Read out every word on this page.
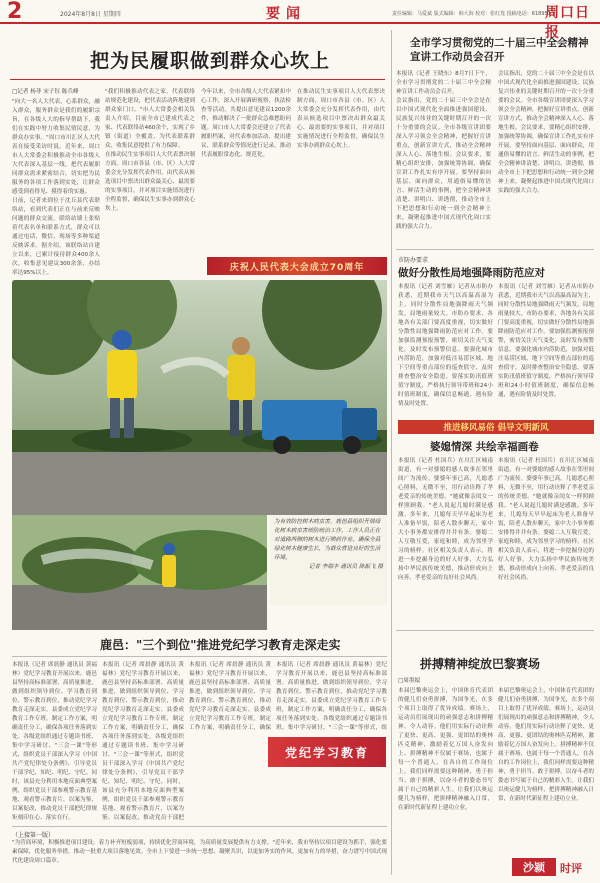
2	2024年8月8日 星期四	要闻	责任编辑：马爱斌 版式编辑：韩大海 校对：张红莲 投稿电话：6189513
周口日报
把为民履职做到群众心坎上
□记者 杨菲 宋子钰 陈兵峰

"向大一名人大代表，心系群众，融入群众，服务群众是我们的履职宗旨，在各级人大的指导帮助下，我们在实践中努力收集民情民意，为群众办实事。"周口市川汇区人大代表在接受采访时说。近年来，周口市人大常委会积极推动全市各级人大代表深入基层一线，把代表履职同群众需求紧密结合，切实把为民服务的各项工作落到实处，让群众感受到看得见、摸得着的实惠。

日前，记者来到位于沈丘县代表联络站，看到代表们正在与前来反映问题的群众交流。联络站墙上张贴着代表名单和联系方式，群众可以通过电话、微信、现场等多种渠道反映诉求。据介绍，该联络站自建立以来，已累计接待群众400余人次，收集意见建议300余条，办结率达95%以上。

"我们积极推动代表之家、代表联络站规范化建设，把代表活动阵地建到群众家门口。"市人大常委会相关负责人介绍，目前全市已建成代表之家、代表联络站460余个，实现了乡镇（街道）全覆盖，为代表联系群众、收集民意提供了有力保障。

在推动民生实事项目人大代表票决制方面，周口市各县（市、区）人大常委会充分发挥代表作用，由代表从候选项目中票决出群众最关心、最需要的实事项目，并对项目实施情况进行全程监督，确保民生实事办到群众心坎上。

今年以来，全市各级人大代表紧扣中心工作，深入开展调研视察、执法检查等活动，共提出意见建议1200余件，推动解决了一批群众急难愁盼问题。周口市人大常委会还建立了代表履职档案，对代表参加活动、提出建议、联系群众等情况进行记录，推动代表履职常态化、规范化。

在推动民生实事项目人大代表票决制方面，周口市各县（市、区）人大常委会充分发挥代表作用，由代表从候选项目中票决出群众最关心、最需要的实事项目，并对项目实施情况进行全程监督，确保民生实事办到群众心坎上。

庆祝人民代表大会成立70周年
全市学习贯彻党的二十届三中全会精神宣讲工作动员会召开

本报讯（记者 王晓东）8月7日下午，全市学习贯彻党的二十届三中全会精神宣讲工作动员会召开。

会议指出，党的二十届三中全会是在以中国式现代化全面推进强国建设、民族复兴伟业的关键时期召开的一次十分重要的会议。全市各级宣讲团要深入学习领会全会精神，把握好宣讲重点，创新宣讲方式，推动全会精神深入人心、落地生根。会议要求，要精心组织安排，加强统筹协调，确保宣讲工作扎实有序开展。要坚持面向基层、面向群众，用通俗易懂的语言、鲜活生动的事例，把全会精神讲清楚、讲明白、讲透彻，推动全市上下把思想和行动统一到全会精神上来，凝聚起推进中国式现代化周口实践的强大合力。

会议指出，党的二十届三中全会是在以中国式现代化全面推进强国建设、民族复兴伟业的关键时期召开的一次十分重要的会议。全市各级宣讲团要深入学习领会全会精神，把握好宣讲重点，创新宣讲方式，推动全会精神深入人心、落地生根。会议要求，要精心组织安排，加强统筹协调，确保宣讲工作扎实有序开展。要坚持面向基层、面向群众，用通俗易懂的语言、鲜活生动的事例，把全会精神讲清楚、讲明白、讲透彻，推动全市上下把思想和行动统一到全会精神上来，凝聚起推进中国式现代化周口实践的强大合力。

市防办要求
做好分散性局地强降雨防范应对

本报讯（记者 刘雪雁）记者从市防办获悉，近期我市天气以高温高湿为主，同时分散性局地强降雨天气频发，局地雨量较大。市防办要求，各地各有关部门要高度重视，切实做好分散性局地强降雨防范应对工作。要加强监测预报预警，密切关注天气变化，及时发布预警信息。要强化城市内涝防范，加强对低洼易涝区域、地下空间等重点部位的巡查值守，及时排查整治安全隐患。要落实防汛值班值守制度，严格执行领导带班和24小时值班制度，确保信息畅通，遇有险情及时处置。

本报讯（记者 刘雪雁）记者从市防办获悉，近期我市天气以高温高湿为主，同时分散性局地强降雨天气频发，局地雨量较大。市防办要求，各地各有关部门要高度重视，切实做好分散性局地强降雨防范应对工作。要加强监测预报预警，密切关注天气变化，及时发布预警信息。要强化城市内涝防范，加强对低洼易涝区域、地下空间等重点部位的巡查值守，及时排查整治安全隐患。要落实防汛值班值守制度，严格执行领导带班和24小时值班制度，确保信息畅通，遇有险情及时处置。

推进移风易俗 倡导文明新风
婆媳情深 共绘幸福画卷

本报讯（记者 杜国兵）在川汇区城南街道，有一对婆媳的感人故事在邻里间广为流传。婆婆年事已高，儿媳悉心照料，无微不至，用行动诠释了孝老爱亲的传统美德。"她就像亲闺女一样照顾我。"老人说起儿媳时满是感激。多年来，儿媳每天早早起床为老人准备早饭，陪老人散步聊天，家中大小事务都安排得井井有条。婆媳二人互敬互爱，家庭和睦，成为邻里学习的榜样。社区相关负责人表示，将进一步挖掘身边的好人好事，大力弘扬中华民族传统美德，推动形成向上向善、孝老爱亲的良好社会风尚。

本报讯（记者 杜国兵）在川汇区城南街道，有一对婆媳的感人故事在邻里间广为流传。婆婆年事已高，儿媳悉心照料，无微不至，用行动诠释了孝老爱亲的传统美德。"她就像亲闺女一样照顾我。"老人说起儿媳时满是感激。多年来，儿媳每天早早起床为老人准备早饭，陪老人散步聊天，家中大小事务都安排得井井有条。婆媳二人互敬互爱，家庭和睦，成为邻里学习的榜样。社区相关负责人表示，将进一步挖掘身边的好人好事，大力弘扬中华民族传统美德，推动形成向上向善、孝老爱亲的良好社会风尚。

拼搏精神绽放巴黎赛场
□周墨姒

本届巴黎奥运会上，中国体育代表团的健儿们奋勇拼搏，为国争光，在多个项目上取得了优异成绩。赛场上，运动员们展现出的顽强意志和拼搏精神，令人动容。他们用实际行动诠释了更快、更高、更强、更团结的奥林匹克精神，激励着亿万国人奋发向上。拼搏精神不仅属于赛场，也属于每一个普通人。在各自的工作岗位上，我们同样需要这种精神，勇于担当、敢于拼搏，以奋斗者的姿态书写属于自己的精彩人生。让我们以奥运健儿为榜样，把拼搏精神融入日常，在新时代新征程上建功立业。

本届巴黎奥运会上，中国体育代表团的健儿们奋勇拼搏，为国争光，在多个项目上取得了优异成绩。赛场上，运动员们展现出的顽强意志和拼搏精神，令人动容。他们用实际行动诠释了更快、更高、更强、更团结的奥林匹克精神，激励着亿万国人奋发向上。拼搏精神不仅属于赛场，也属于每一个普通人。在各自的工作岗位上，我们同样需要这种精神，勇于担当、敢于拼搏，以奋斗者的姿态书写属于自己的精彩人生。让我们以奥运健儿为榜样，把拼搏精神融入日常，在新时代新征程上建功立业。

沙颍	时评
为有效防控树木病虫害，鹿邑县组织开展绿化树木病虫害统防统治工作，工作人员正在对道路两侧的树木进行喷药作业。确保全县绿化树木健康生长，为群众营造良好的生活环境。
记者 李瑞丰 通讯员 陈振飞 摄
鹿邑："三个到位"推进党纪学习教育走深走实

本报讯（记者 席晨静 通讯员 黄福林）党纪学习教育开展以来，鹿邑县坚持高标准部署、高质量推进，做到组织领导到位、学习教育到位、警示教育到位，推动党纪学习教育走深走实。县委成立党纪学习教育工作专班，制定工作方案，明确责任分工，确保各项任务落到实处。各级党组织通过专题读书班、集中学习研讨、"三会一课"等形式，组织党员干部深入学习《中国共产党纪律处分条例》，引导党员干部学纪、知纪、明纪、守纪。同时，该县充分利用本地反面典型案例，组织党员干部参观警示教育基地、观看警示教育片，以案为鉴、以案促改，推动党员干部把纪律规矩刻印在心、落实在行。

本报讯（记者 席晨静 通讯员 黄福林）党纪学习教育开展以来，鹿邑县坚持高标准部署、高质量推进，做到组织领导到位、学习教育到位、警示教育到位，推动党纪学习教育走深走实。县委成立党纪学习教育工作专班，制定工作方案，明确责任分工，确保各项任务落到实处。各级党组织通过专题读书班、集中学习研讨、"三会一课"等形式，组织党员干部深入学习《中国共产党纪律处分条例》，引导党员干部学纪、知纪、明纪、守纪。同时，该县充分利用本地反面典型案例，组织党员干部参观警示教育基地、观看警示教育片，以案为鉴、以案促改，推动党员干部把

本报讯（记者 席晨静 通讯员 黄福林）党纪学习教育开展以来，鹿邑县坚持高标准部署、高质量推进，做到组织领导到位、学习教育到位、警示教育到位，推动党纪学习教育走深走实。县委成立党纪学习教育工作专班，制定工作方案，明确责任分工，确保

本报讯（记者 席晨静 通讯员 黄福林）党纪学习教育开展以来，鹿邑县坚持高标准部署、高质量推进，做到组织领导到位、学习教育到位、警示教育到位，推动党纪学习教育走深走实。县委成立党纪学习教育工作专班，制定工作方案，明确责任分工，确保各项任务落到实处。各级党组织通过专题读书班、集中学习研讨、"三会一课"等形式，组

党纪学习教育
（上接第一版）

"为营商环境，积极推进项目建设，着力补齐短板弱项，持续优化营商环境，为高质量发展提供有力支撑。"近年来，我市坚持以项目建设为抓手，强化要素保障，优化服务举措，推动一批重大项目落地见效。全市上下要进一步统一思想、凝聚共识，以更加务实的作风、更加有力的举措，奋力谱写中国式现代化建设周口篇章。
